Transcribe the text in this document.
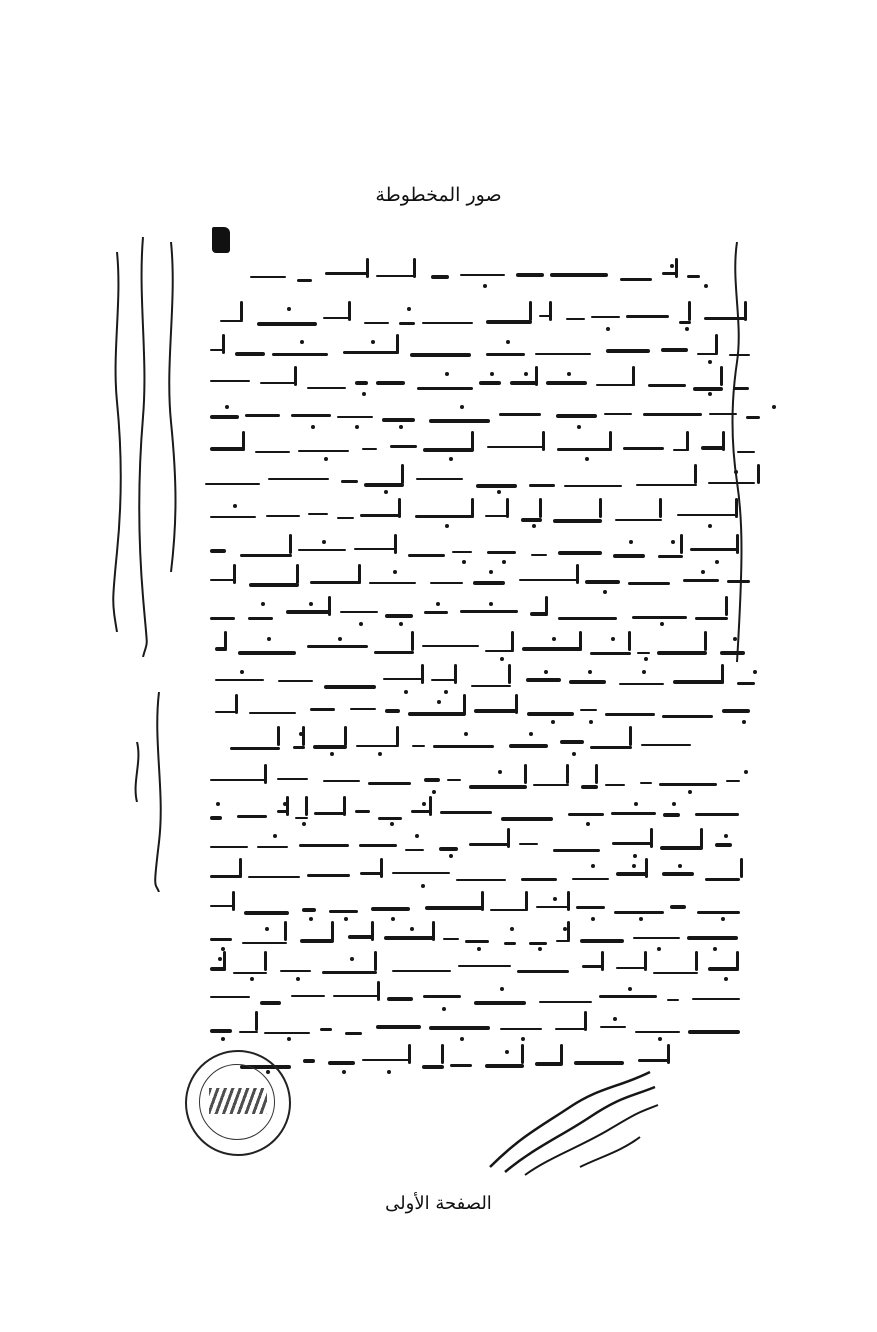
صور المخطوطة
الصفحة الأولى
